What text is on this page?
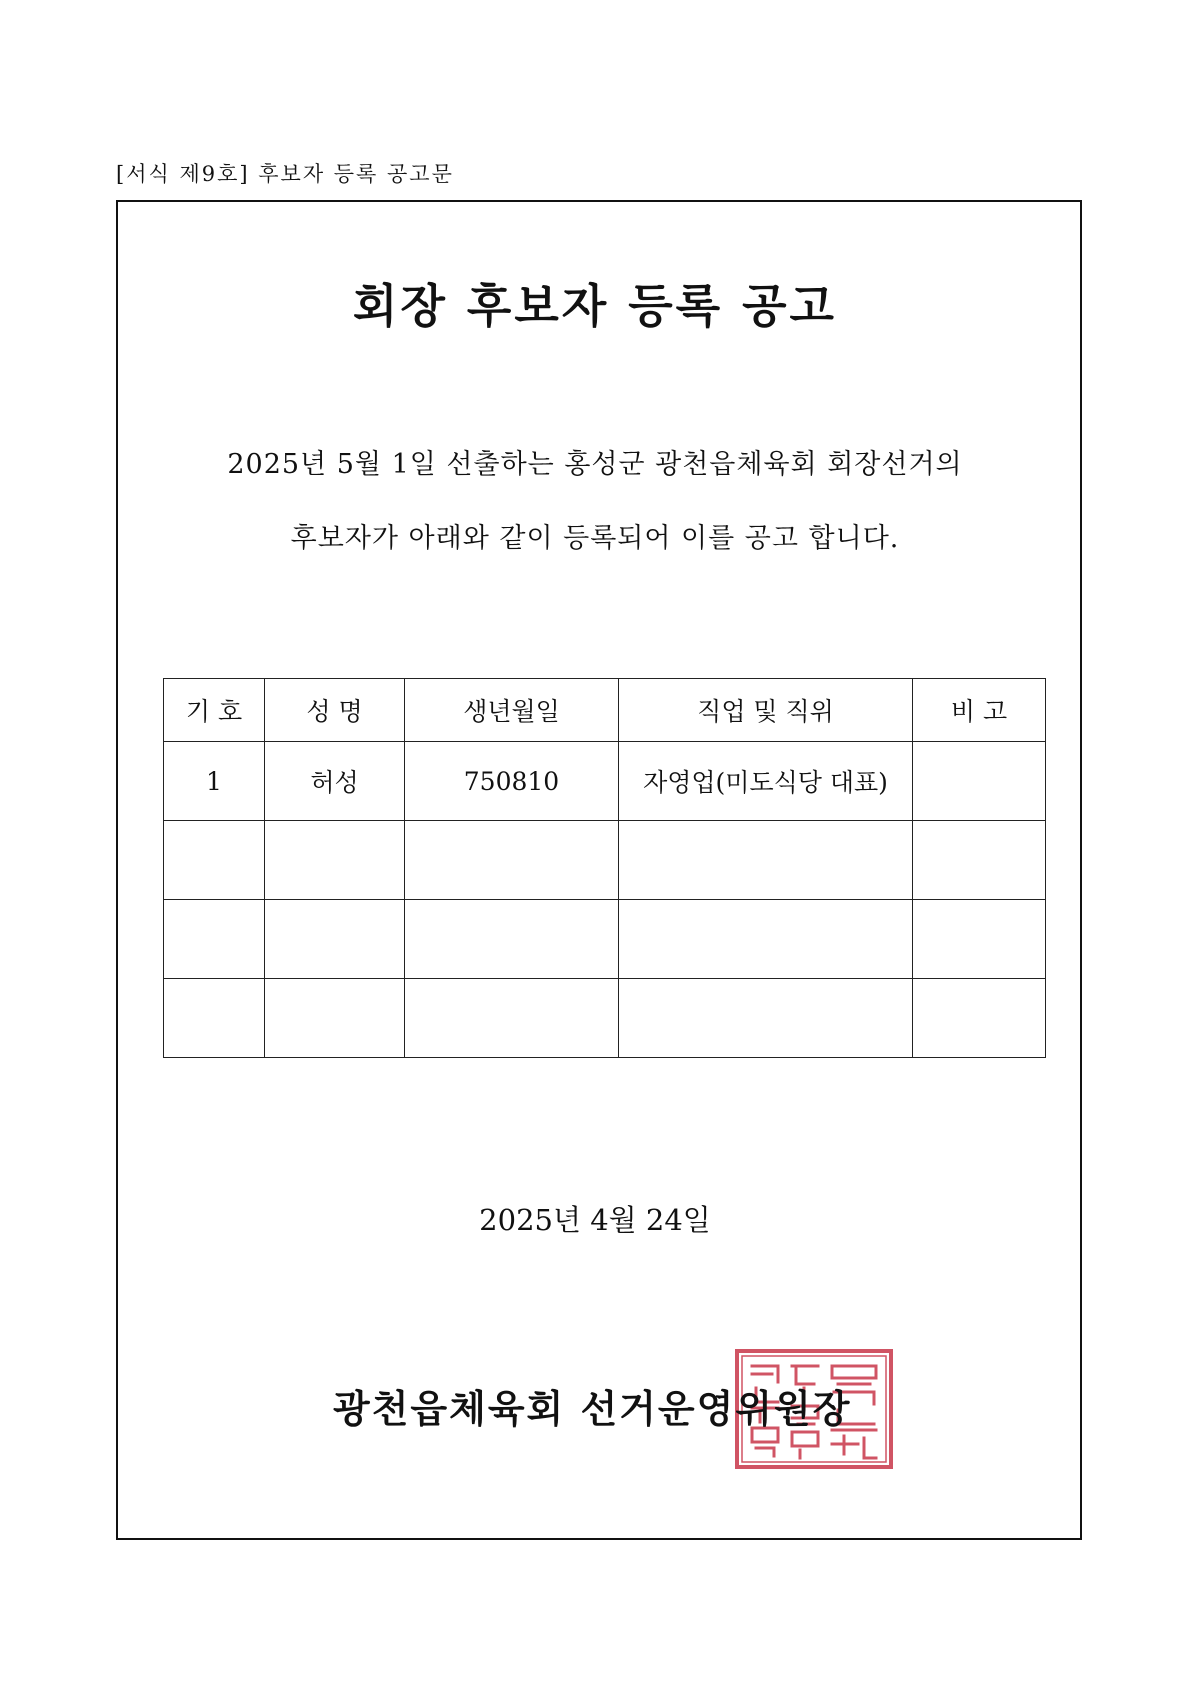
[서식 제9호] 후보자 등록 공고문
회장 후보자 등록 공고
2025년 5월 1일 선출하는 홍성군 광천읍체육회 회장선거의
후보자가 아래와 같이 등록되어 이를 공고 합니다.
기 호	성 명	생년월일	직업 및 직위	비 고
1	허성	750810	자영업(미도식당 대표)	

2025년 4월 24일
광천읍체육회 선거운영위원장
